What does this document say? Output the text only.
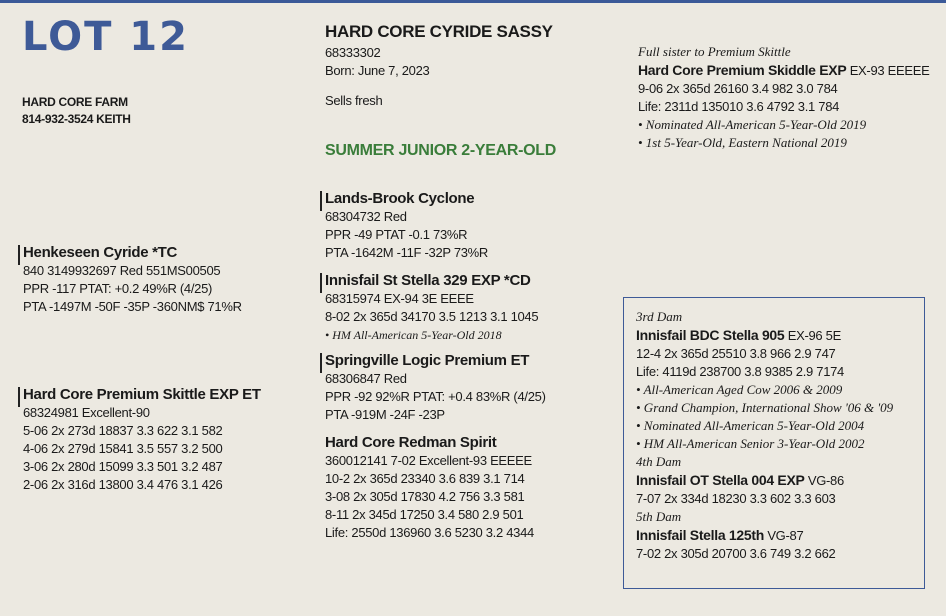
LOT 12
HARD CORE FARM
814-932-3524 KEITH
HARD CORE CYRIDE SASSY
68333302
Born: June 7, 2023
Sells fresh
SUMMER JUNIOR 2-YEAR-OLD
Full sister to Premium Skittle
Hard Core Premium Skiddle EXP EX-93 EEEEE
9-06 2x 365d 26160 3.4 982 3.0 784
Life: 2311d 135010 3.6 4792 3.1 784
• Nominated All-American 5-Year-Old 2019
• 1st 5-Year-Old, Eastern National 2019
Henkeseen Cyride *TC
840 3149932697 Red 551MS00505
PPR -117 PTAT: +0.2 49%R (4/25)
PTA -1497M -50F -35P -360NM$ 71%R
Hard Core Premium Skittle EXP ET
68324981 Excellent-90
5-06 2x 273d 18837 3.3 622 3.1 582
4-06 2x 279d 15841 3.5 557 3.2 500
3-06 2x 280d 15099 3.3 501 3.2 487
2-06 2x 316d 13800 3.4 476 3.1 426
Lands-Brook Cyclone
68304732 Red
PPR -49 PTAT -0.1 73%R
PTA -1642M -11F -32P 73%R
Innisfail St Stella 329 EXP *CD
68315974 EX-94 3E EEEE
8-02 2x 365d 34170 3.5 1213 3.1 1045
• HM All-American 5-Year-Old 2018
Springville Logic Premium ET
68306847 Red
PPR -92 92%R PTAT: +0.4 83%R (4/25)
PTA -919M -24F -23P
Hard Core Redman Spirit
360012141 7-02 Excellent-93 EEEEE
10-2 2x 365d 23340 3.6 839 3.1 714
3-08 2x 305d 17830 4.2 756 3.3 581
8-11 2x 345d 17250 3.4 580 2.9 501
Life: 2550d 136960 3.6 5230 3.2 4344
3rd Dam
Innisfail BDC Stella 905 EX-96 5E
12-4 2x 365d 25510 3.8 966 2.9 747
Life: 4119d 238700 3.8 9385 2.9 7174
• All-American Aged Cow 2006 & 2009
• Grand Champion, International Show '06 & '09
• Nominated All-American 5-Year-Old 2004
• HM All-American Senior 3-Year-Old 2002
4th Dam
Innisfail OT Stella 004 EXP VG-86
7-07 2x 334d 18230 3.3 602 3.3 603
5th Dam
Innisfail Stella 125th VG-87
7-02 2x 305d 20700 3.6 749 3.2 662
